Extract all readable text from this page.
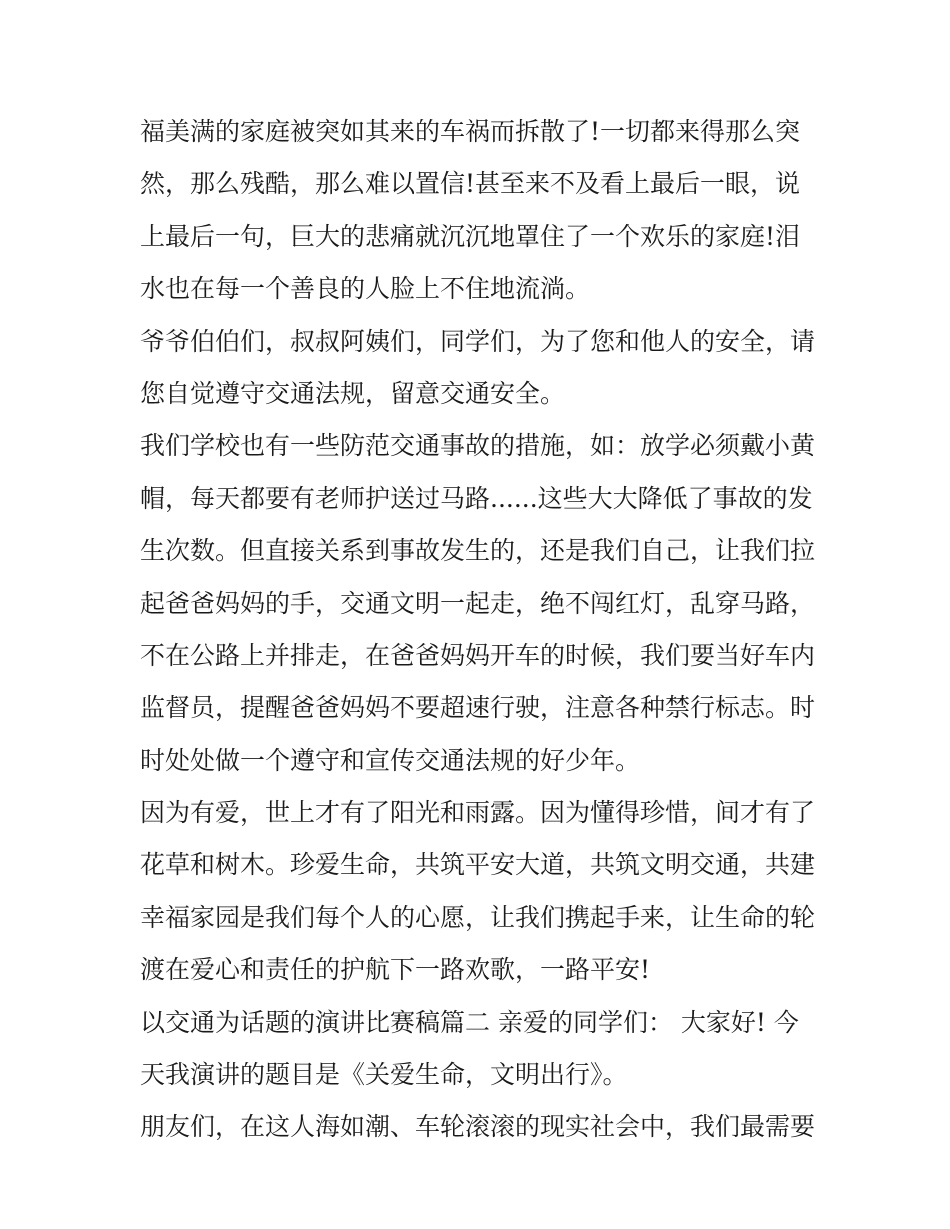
福美满的家庭被突如其来的车祸而拆散了!一切都来得那么突
然，那么残酷，那么难以置信!甚至来不及看上最后一眼，说
上最后一句，巨大的悲痛就沉沉地罩住了一个欢乐的家庭!泪
水也在每一个善良的人脸上不住地流淌。
爷爷伯伯们，叔叔阿姨们，同学们，为了您和他人的安全，请
您自觉遵守交通法规，留意交通安全。
我们学校也有一些防范交通事故的措施，如：放学必须戴小黄
帽，每天都要有老师护送过马路......这些大大降低了事故的发
生次数。但直接关系到事故发生的，还是我们自己，让我们拉
起爸爸妈妈的手，交通文明一起走，绝不闯红灯，乱穿马路，
不在公路上并排走，在爸爸妈妈开车的时候，我们要当好车内
监督员，提醒爸爸妈妈不要超速行驶，注意各种禁行标志。时
时处处做一个遵守和宣传交通法规的好少年。
因为有爱，世上才有了阳光和雨露。因为懂得珍惜，间才有了
花草和树木。珍爱生命，共筑平安大道，共筑文明交通，共建
幸福家园是我们每个人的心愿，让我们携起手来，让生命的轮
渡在爱心和责任的护航下一路欢歌，一路平安!
以交通为话题的演讲比赛稿篇二 亲爱的同学们： 大家好! 今
天我演讲的题目是《关爱生命，文明出行》。
朋友们，在这人海如潮、车轮滚滚的现实社会中，我们最需要
